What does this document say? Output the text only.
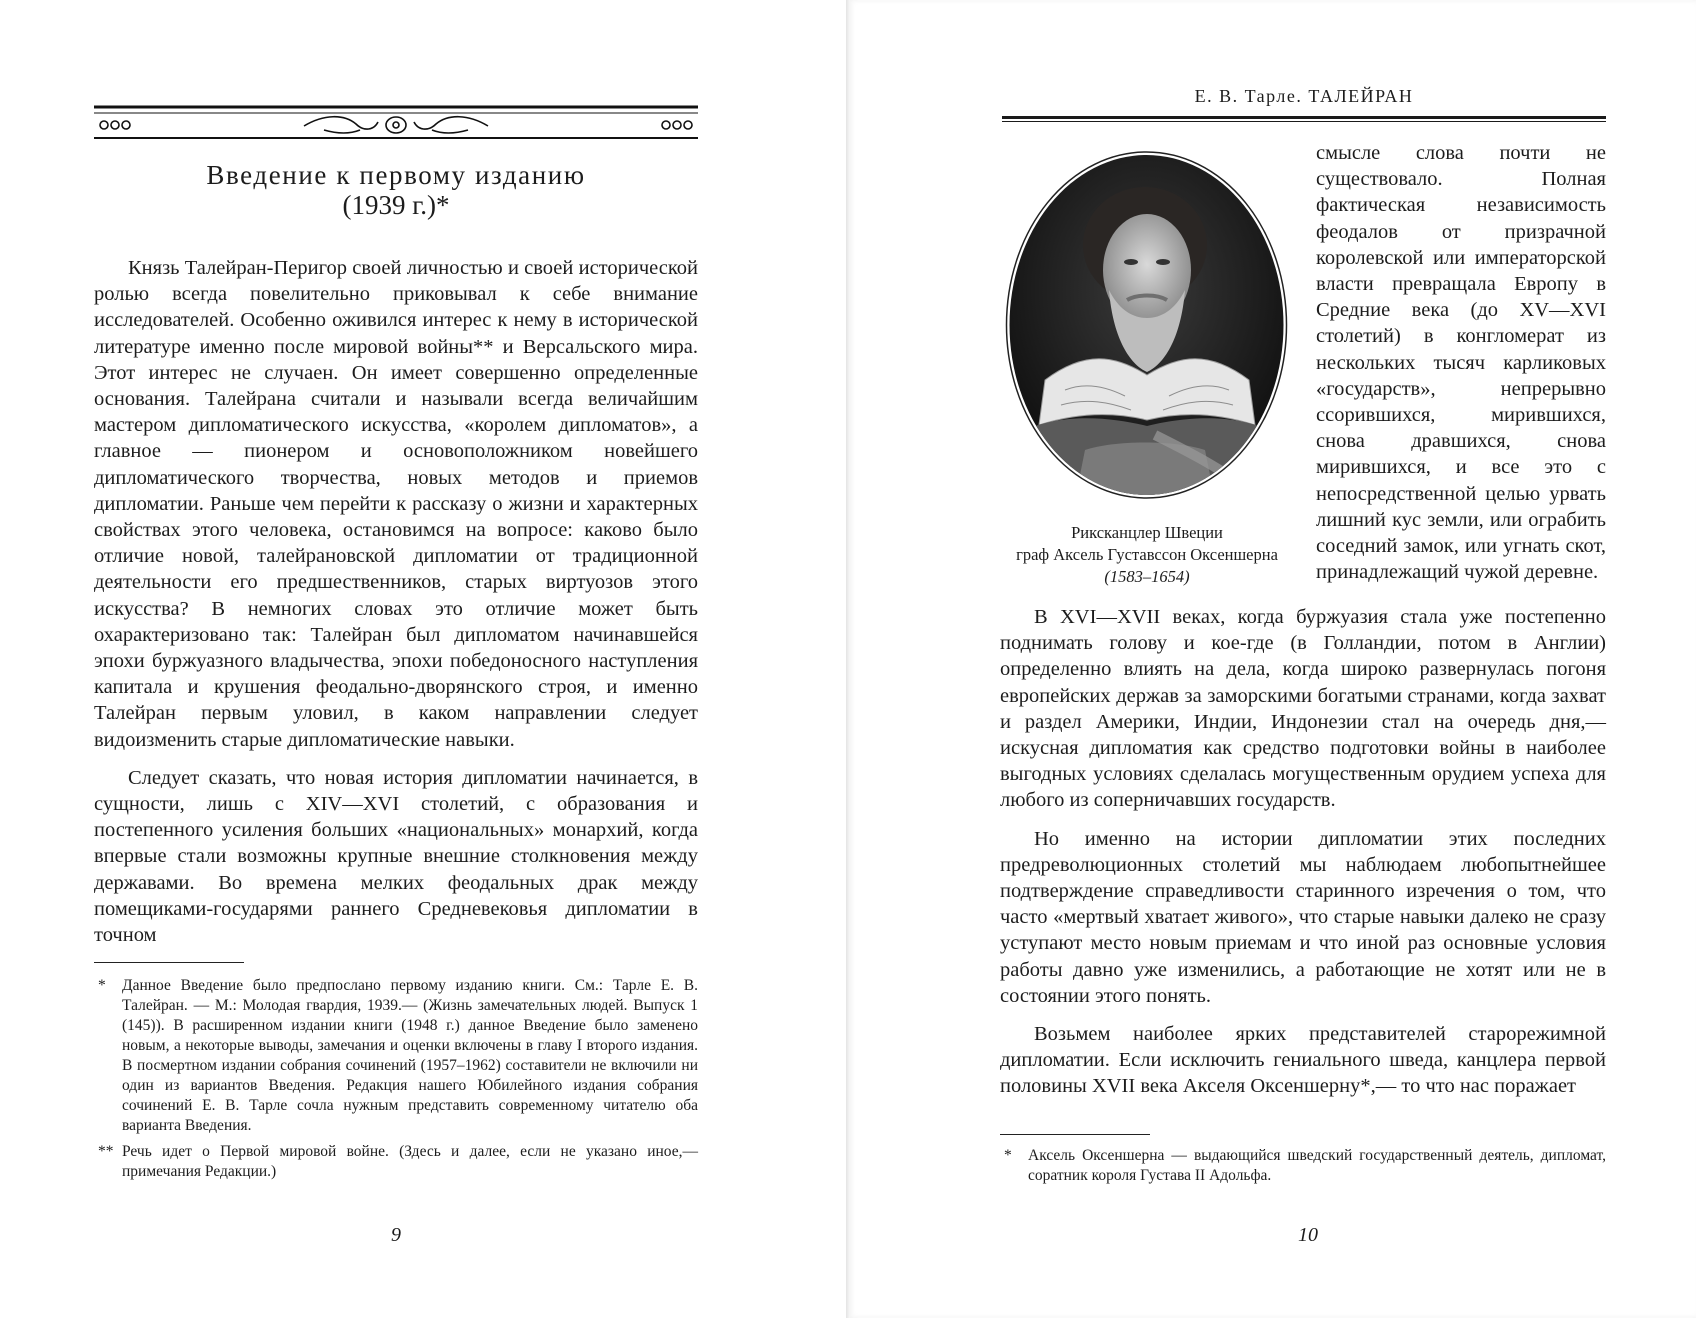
Введение к первому изданию
(1939 г.)*

Князь Талейран-Перигор своей личностью и своей исторической ролью всегда повелительно приковывал к себе внимание исследователей. Особенно оживился интерес к нему в исторической литературе именно после мировой войны** и Версальского мира. Этот интерес не случаен. Он имеет совершенно определенные основания. Талейрана считали и называли всегда величайшим мастером дипломатического искусства, «королем дипломатов», а главное — пионером и основоположником новейшего дипломатического творчества, новых методов и приемов дипломатии. Раньше чем перейти к рассказу о жизни и характерных свойствах этого человека, остановимся на вопросе: каково было отличие новой, талейрановской дипломатии от традиционной деятельности его предшественников, старых виртуозов этого искусства? В немногих словах это отличие может быть охарактеризовано так: Талейран был дипломатом начинавшейся эпохи буржуазного владычества, эпохи победоносного наступления капитала и крушения феодально-дворянского строя, и именно Талейран первым уловил, в каком направлении следует видоизменить старые дипломатические навыки.

Следует сказать, что новая история дипломатии начинается, в сущности, лишь с XIV—XVI столетий, с образования и постепенного усиления больших «национальных» монархий, когда впервые стали возможны крупные внешние столкновения между державами. Во времена мелких феодальных драк между помещиками-государями раннего Средневековья дипломатии в точном

* Данное Введение было предпослано первому изданию книги. См.: Тарле Е. В. Талейран. — М.: Молодая гвардия, 1939.— (Жизнь замечательных людей. Выпуск 1 (145)). В расширенном издании книги (1948 г.) данное Введение было заменено новым, а некоторые выводы, замечания и оценки включены в главу I второго издания. В посмертном издании собрания сочинений (1957–1962) составители не включили ни один из вариантов Введения. Редакция нашего Юбилейного издания собрания сочинений Е. В. Тарле сочла нужным представить современному читателю оба варианта Введения.
** Речь идет о Первой мировой войне. (Здесь и далее, если не указано иное,— примечания Редакции.)
9
Е. В. Тарле. ТАЛЕЙРАН
Риксканцлер Швеции
граф Аксель Густавссон Оксеншерна
(1583–1654)

смысле слова почти не существовало. Полная фактическая независимость феодалов от призрачной королевской или императорской власти превращала Европу в Средние века (до XV—XVI столетий) в конгломерат из нескольких тысяч карликовых «государств», непрерывно ссорившихся, мирившихся, снова дравшихся, снова мирившихся, и все это с непосредственной целью урвать лишний кус земли, или ограбить соседний замок, или угнать скот, принадлежащий чужой деревне.

В XVI—XVII веках, когда буржуазия стала уже постепенно поднимать голову и кое-где (в Голландии, потом в Англии) определенно влиять на дела, когда широко развернулась погоня европейских держав за заморскими богатыми странами, когда захват и раздел Америки, Индии, Индонезии стал на очередь дня,— искусная дипломатия как средство подготовки войны в наиболее выгодных условиях сделалась могущественным орудием успеха для любого из соперничавших государств.

Но именно на истории дипломатии этих последних предреволюционных столетий мы наблюдаем любопытнейшее подтверждение справедливости старинного изречения о том, что часто «мертвый хватает живого», что старые навыки далеко не сразу уступают место новым приемам и что иной раз основные условия работы давно уже изменились, а работающие не хотят или не в состоянии этого понять.

Возьмем наиболее ярких представителей старорежимной дипломатии. Если исключить гениального шведа, канцлера первой половины XVII века Акселя Оксеншерну*,— то что нас поражает

* Аксель Оксеншерна — выдающийся шведский государственный деятель, дипломат, соратник короля Густава II Адольфа.
10
